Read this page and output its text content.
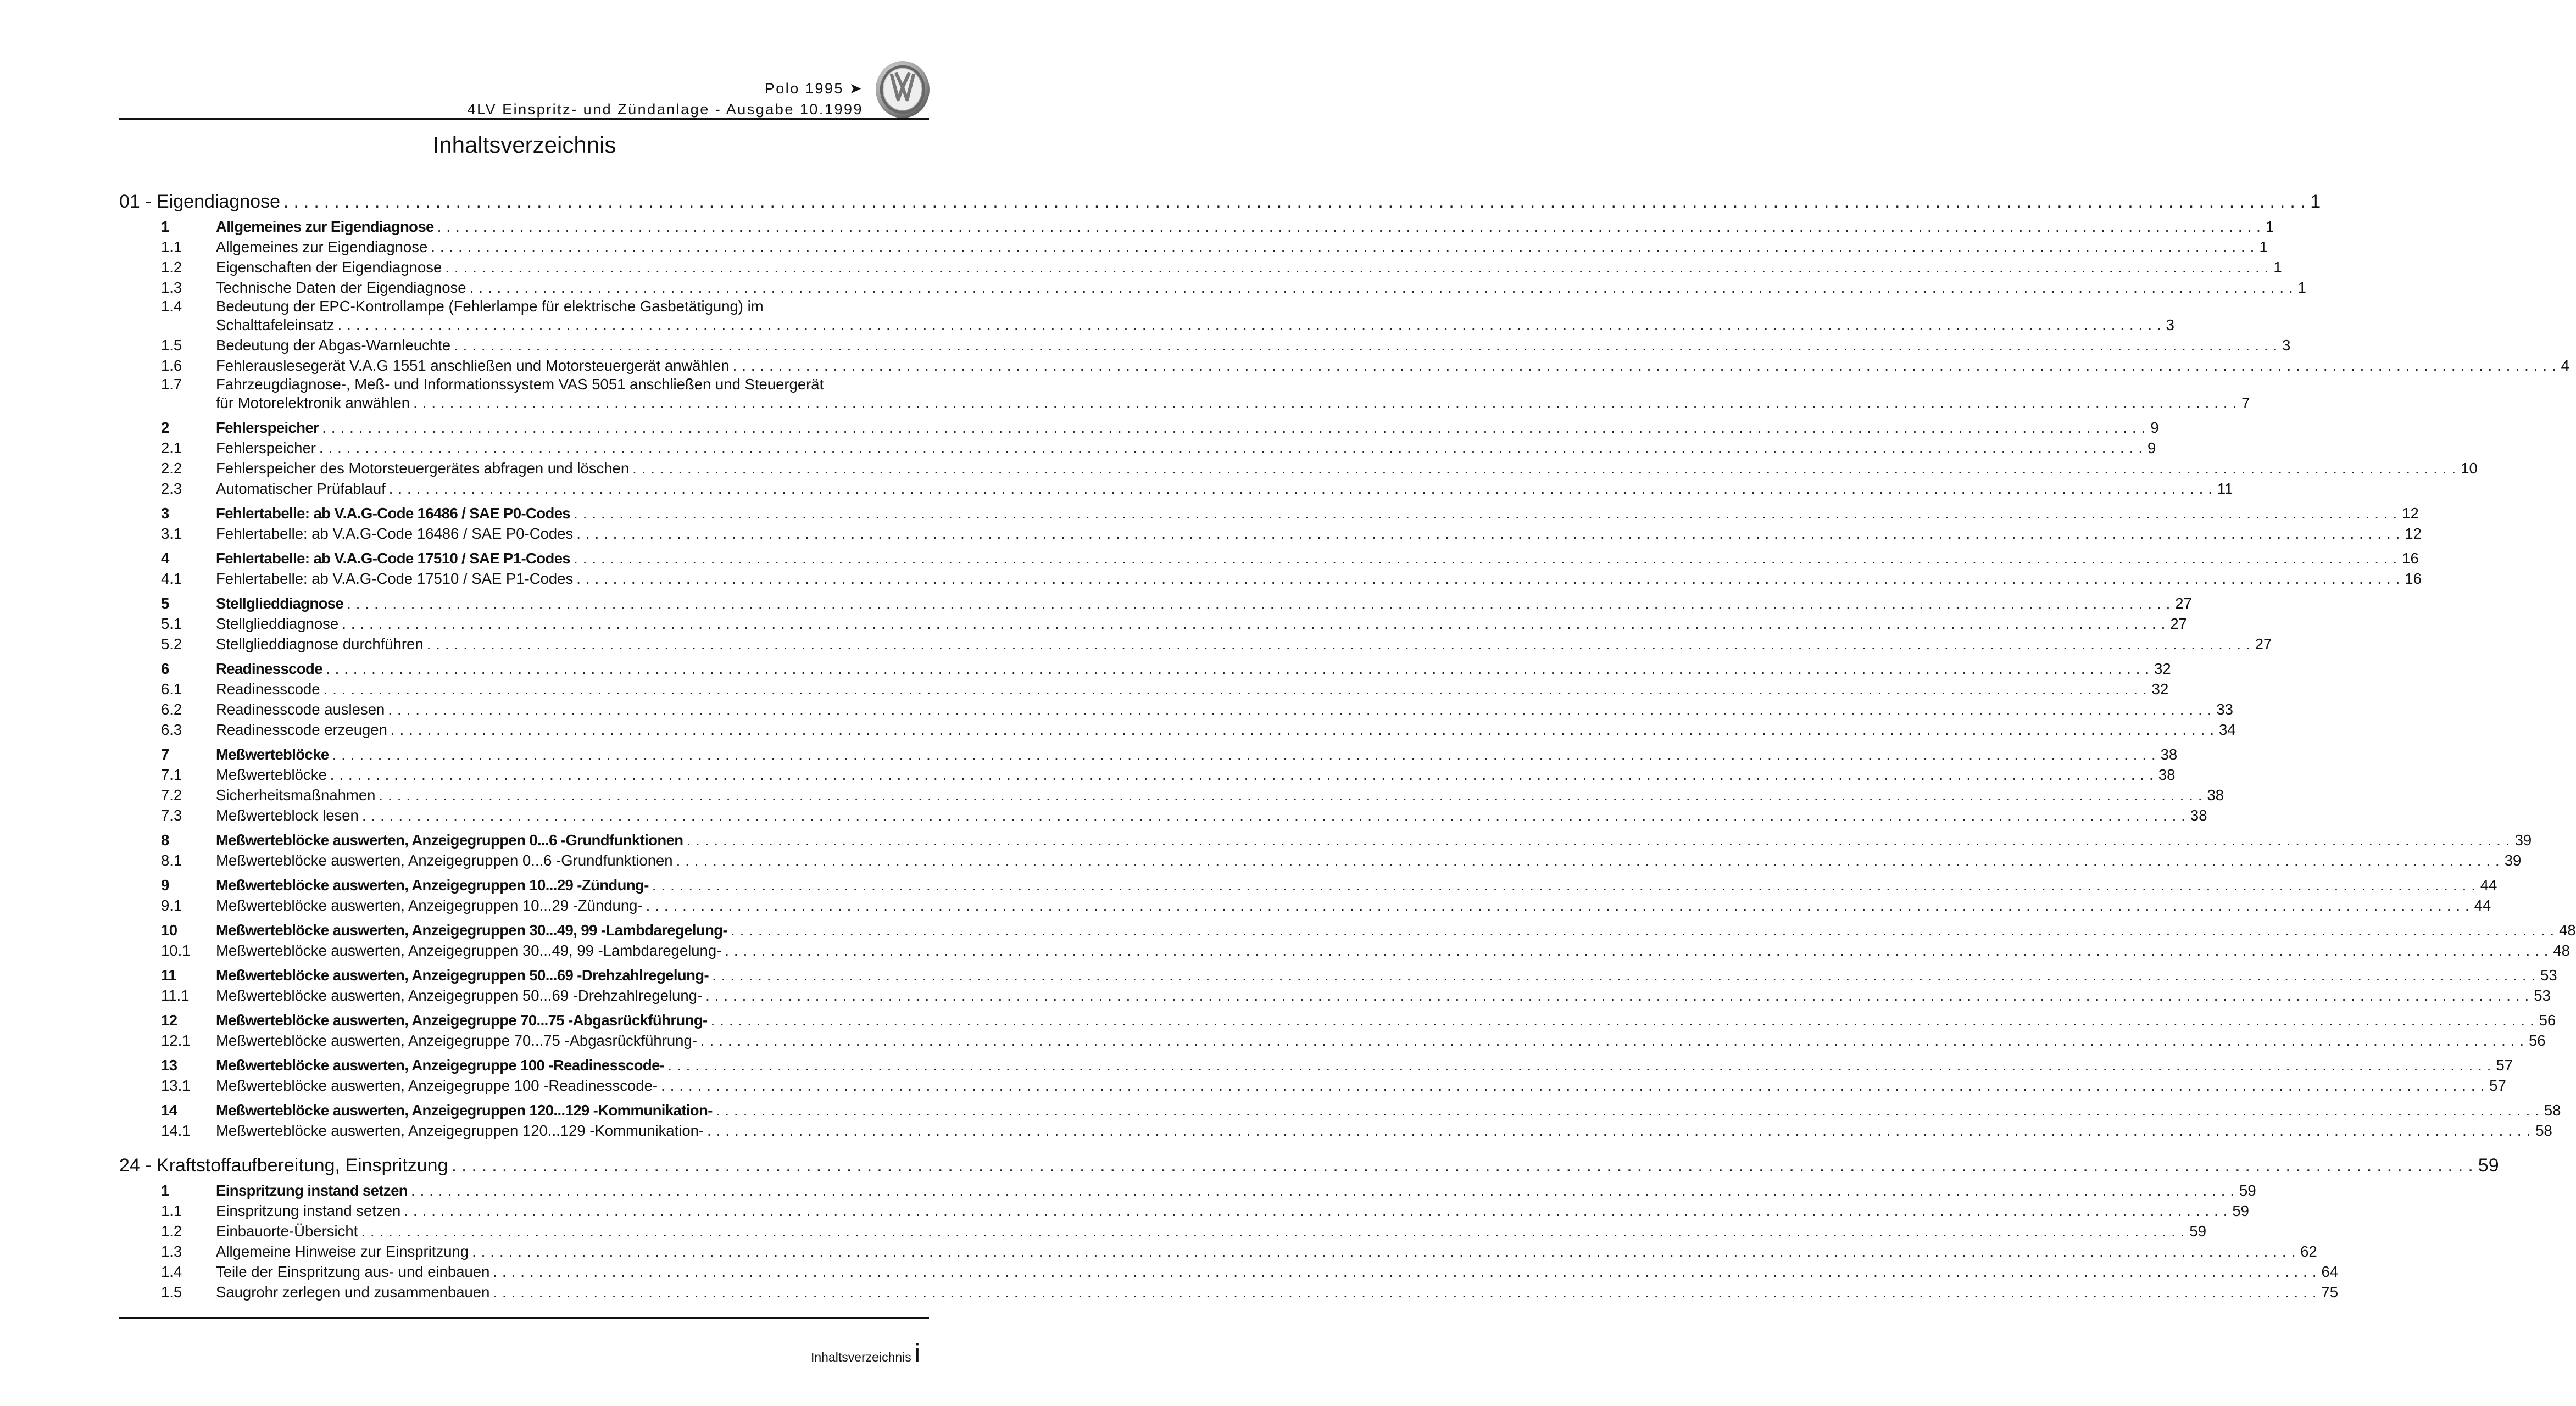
Polo 1995 ➤
4LV Einspritz- und Zündanlage - Ausgabe 10.1999
Inhaltsverzeichnis
01 - Eigendiagnose ........................................................................................................................................................................................................ 1
1	Allgemeines zur Eigendiagnose ........................................................................................................................................................................................................ 1
1.1	Allgemeines zur Eigendiagnose ........................................................................................................................................................................................................ 1
1.2	Eigenschaften der Eigendiagnose ........................................................................................................................................................................................................ 1
1.3	Technische Daten der Eigendiagnose ........................................................................................................................................................................................................ 1
1.4	Bedeutung der EPC-Kontrollampe (Fehlerlampe für elektrische Gasbetätigung) im
Schalttafeleinsatz ........................................................................................................................................................................................................ 3
1.5	Bedeutung der Abgas-Warnleuchte ........................................................................................................................................................................................................ 3
1.6	Fehlerauslesegerät V.A.G 1551 anschließen und Motorsteuergerät anwählen ........................................................................................................................................................................................................ 4
1.7	Fahrzeugdiagnose-, Meß- und Informationssystem VAS 5051 anschließen und Steuergerät
für Motorelektronik anwählen ........................................................................................................................................................................................................ 7
2	Fehlerspeicher ........................................................................................................................................................................................................ 9
2.1	Fehlerspeicher ........................................................................................................................................................................................................ 9
2.2	Fehlerspeicher des Motorsteuergerätes abfragen und löschen ........................................................................................................................................................................................................ 10
2.3	Automatischer Prüfablauf ........................................................................................................................................................................................................ 11
3	Fehlertabelle: ab V.A.G-Code 16486 / SAE P0-Codes ........................................................................................................................................................................................................ 12
3.1	Fehlertabelle: ab V.A.G-Code 16486 / SAE P0-Codes ........................................................................................................................................................................................................ 12
4	Fehlertabelle: ab V.A.G-Code 17510 / SAE P1-Codes ........................................................................................................................................................................................................ 16
4.1	Fehlertabelle: ab V.A.G-Code 17510 / SAE P1-Codes ........................................................................................................................................................................................................ 16
5	Stellglieddiagnose ........................................................................................................................................................................................................ 27
5.1	Stellglieddiagnose ........................................................................................................................................................................................................ 27
5.2	Stellglieddiagnose durchführen ........................................................................................................................................................................................................ 27
6	Readinesscode ........................................................................................................................................................................................................ 32
6.1	Readinesscode ........................................................................................................................................................................................................ 32
6.2	Readinesscode auslesen ........................................................................................................................................................................................................ 33
6.3	Readinesscode erzeugen ........................................................................................................................................................................................................ 34
7	Meßwerteblöcke ........................................................................................................................................................................................................ 38
7.1	Meßwerteblöcke ........................................................................................................................................................................................................ 38
7.2	Sicherheitsmaßnahmen ........................................................................................................................................................................................................ 38
7.3	Meßwerteblock lesen ........................................................................................................................................................................................................ 38
8	Meßwerteblöcke auswerten, Anzeigegruppen 0...6 -Grundfunktionen ........................................................................................................................................................................................................ 39
8.1	Meßwerteblöcke auswerten, Anzeigegruppen 0...6 -Grundfunktionen ........................................................................................................................................................................................................ 39
9	Meßwerteblöcke auswerten, Anzeigegruppen 10...29 -Zündung- ........................................................................................................................................................................................................ 44
9.1	Meßwerteblöcke auswerten, Anzeigegruppen 10...29 -Zündung- ........................................................................................................................................................................................................ 44
10	Meßwerteblöcke auswerten, Anzeigegruppen 30...49, 99 -Lambdaregelung- ........................................................................................................................................................................................................ 48
10.1	Meßwerteblöcke auswerten, Anzeigegruppen 30...49, 99 -Lambdaregelung- ........................................................................................................................................................................................................ 48
11	Meßwerteblöcke auswerten, Anzeigegruppen 50...69 -Drehzahlregelung- ........................................................................................................................................................................................................ 53
11.1	Meßwerteblöcke auswerten, Anzeigegruppen 50...69 -Drehzahlregelung- ........................................................................................................................................................................................................ 53
12	Meßwerteblöcke auswerten, Anzeigegruppe 70...75 -Abgasrückführung- ........................................................................................................................................................................................................ 56
12.1	Meßwerteblöcke auswerten, Anzeigegruppe 70...75 -Abgasrückführung- ........................................................................................................................................................................................................ 56
13	Meßwerteblöcke auswerten, Anzeigegruppe 100 -Readinesscode- ........................................................................................................................................................................................................ 57
13.1	Meßwerteblöcke auswerten, Anzeigegruppe 100 -Readinesscode- ........................................................................................................................................................................................................ 57
14	Meßwerteblöcke auswerten, Anzeigegruppen 120...129 -Kommunikation- ........................................................................................................................................................................................................ 58
14.1	Meßwerteblöcke auswerten, Anzeigegruppen 120...129 -Kommunikation- ........................................................................................................................................................................................................ 58
24 - Kraftstoffaufbereitung, Einspritzung ........................................................................................................................................................................................................ 59
1	Einspritzung instand setzen ........................................................................................................................................................................................................ 59
1.1	Einspritzung instand setzen ........................................................................................................................................................................................................ 59
1.2	Einbauorte-Übersicht ........................................................................................................................................................................................................ 59
1.3	Allgemeine Hinweise zur Einspritzung ........................................................................................................................................................................................................ 62
1.4	Teile der Einspritzung aus- und einbauen ........................................................................................................................................................................................................ 64
1.5	Saugrohr zerlegen und zusammenbauen ........................................................................................................................................................................................................ 75
Inhaltsverzeichnis i
